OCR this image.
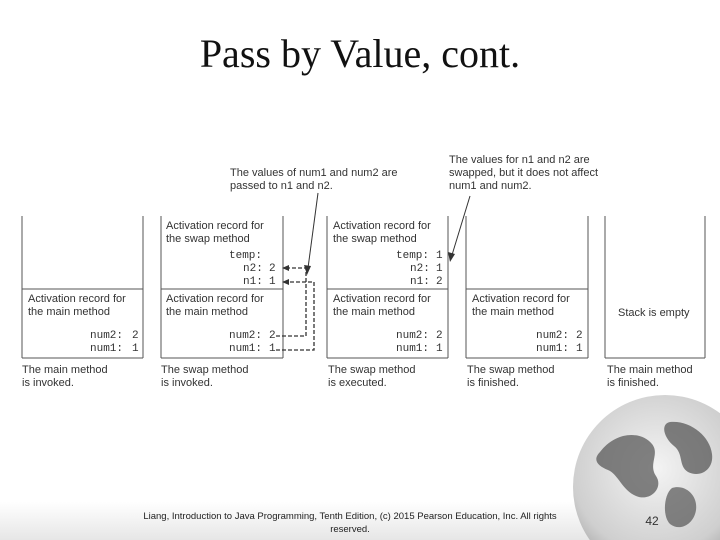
Pass by Value, cont.
The values of num1 and num2 are
passed to n1 and n2.
The values for n1 and n2 are
swapped, but it does not affect
num1 and num2.
Activation record for
the main method
num2: 2
num1: 1
The main method
is invoked.
Activation record for
the swap method
temp:
n2: 2
n1: 1
Activation record for
the main method
num2: 2
num1: 1
The swap method
is invoked.
Activation record for
the swap method
temp: 1
n2: 1
n1: 2
Activation record for
the main method
num2: 2
num1: 1
The swap method
is executed.
Activation record for
the main method
num2: 2
num1: 1
The swap method
is finished.
Stack is empty
The main method
is finished.
Liang, Introduction to Java Programming, Tenth Edition, (c) 2015 Pearson Education, Inc. All rights reserved.
42
